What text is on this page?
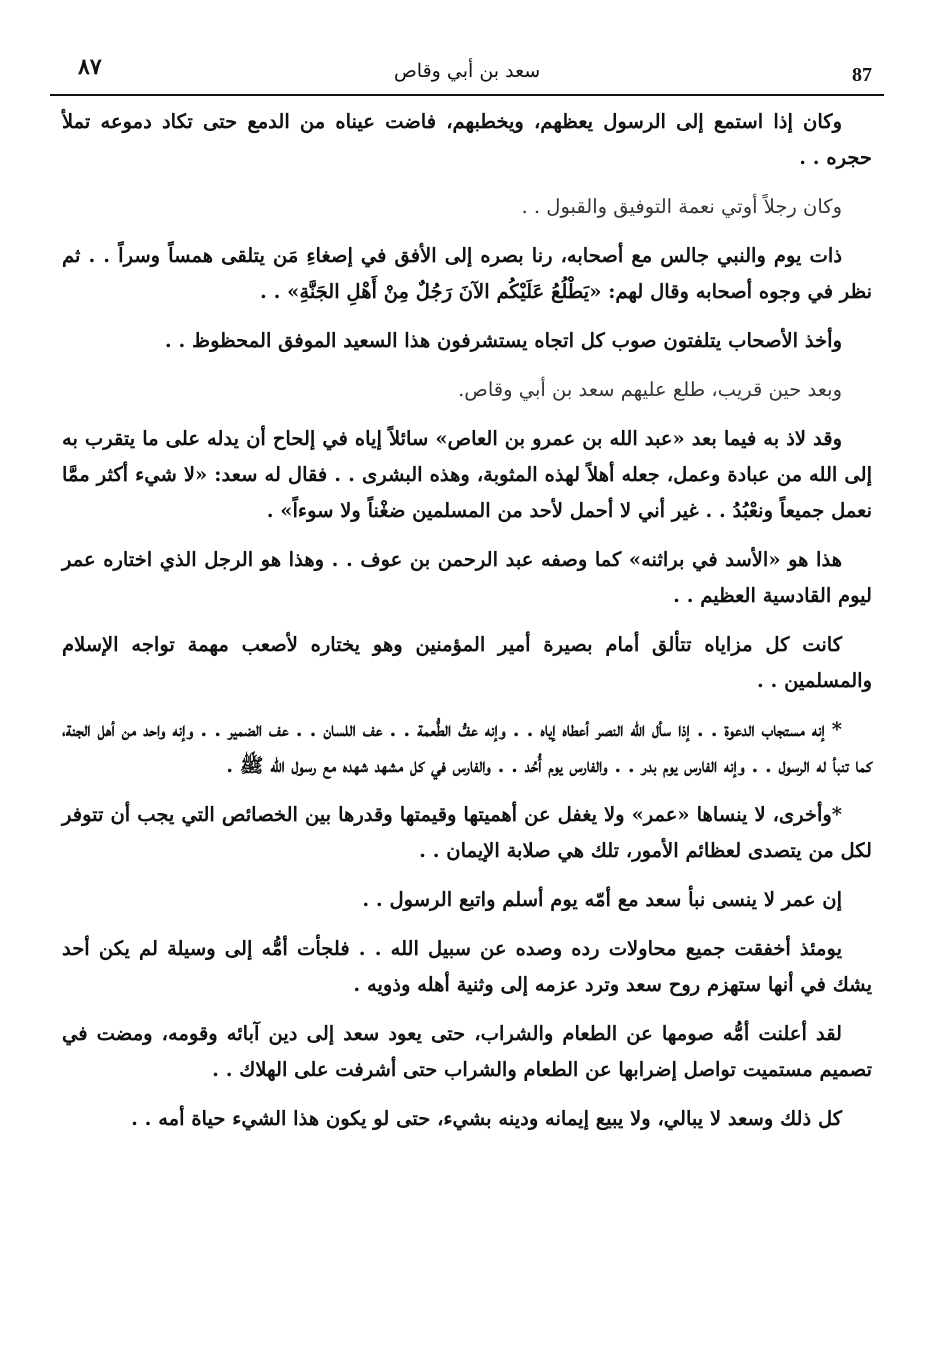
٨٧	سعد بن أبي وقاص	87

وكان إذا استمع إلى الرسول يعظهم، ويخطبهم، فاضت عيناه من الدمع حتى تكاد دموعه تملأ حجره . .

وكان رجلاً أوتي نعمة التوفيق والقبول . .

ذات يوم والنبي جالس مع أصحابه، رنا بصره إلى الأفق في إصغاءِ مَن يتلقى همساً وسراً . . ثم نظر في وجوه أصحابه وقال لهم: «يَطْلُعُ عَلَيْكُم الآنَ رَجُلٌ مِنْ أَهْلِ الجَنَّةِ» . .

وأخذ الأصحاب يتلفتون صوب كل اتجاه يستشرفون هذا السعيد الموفق المحظوظ . .

وبعد حين قريب، طلع عليهم سعد بن أبي وقاص.

وقد لاذ به فيما بعد «عبد الله بن عمرو بن العاص» سائلاً إياه في إلحاح أن يدله على ما يتقرب به إلى الله من عبادة وعمل، جعله أهلاً لهذه المثوبة، وهذه البشرى . . فقال له سعد: «لا شيء أكثر ممَّا نعمل جميعاً ونعْبُدُ . . غير أني لا أحمل لأحد من المسلمين ضغْناً ولا سوءاً» .

هذا هو «الأسد في براثنه» كما وصفه عبد الرحمن بن عوف . . وهذا هو الرجل الذي اختاره عمر ليوم القادسية العظيم . .

كانت كل مزاياه تتألق أمام بصيرة أمير المؤمنين وهو يختاره لأصعب مهمة تواجه الإسلام والمسلمين . .

* إنه مستجاب الدعوة . . إذا سأل الله النصر أعطاه إياه . . وإنه عفُّ الطُّعمة . . عف اللسان . . عف الضمير . . وإنه واحد من أهل الجنة، كما تنبأ له الرسول . . وإنه الفارس يوم بدر . . والفارس يوم أُحُد . . والفارس في كل مشهد شهده مع رسول الله ﷺ .

*وأخرى، لا ينساها «عمر» ولا يغفل عن أهميتها وقيمتها وقدرها بين الخصائص التي يجب أن تتوفر لكل من يتصدى لعظائم الأمور، تلك هي صلابة الإيمان . .

إن عمر لا ينسى نبأ سعد مع أمّه يوم أسلم واتبع الرسول . .

يومئذ أخفقت جميع محاولات رده وصده عن سبيل الله . . فلجأت أمُّه إلى وسيلة لم يكن أحد يشك في أنها ستهزم روح سعد وترد عزمه إلى وثنية أهله وذويه .

لقد أعلنت أمُّه صومها عن الطعام والشراب، حتى يعود سعد إلى دين آبائه وقومه، ومضت في تصميم مستميت تواصل إضرابها عن الطعام والشراب حتى أشرفت على الهلاك . .

كل ذلك وسعد لا يبالي، ولا يبيع إيمانه ودينه بشيء، حتى لو يكون هذا الشيء حياة أمه . .
